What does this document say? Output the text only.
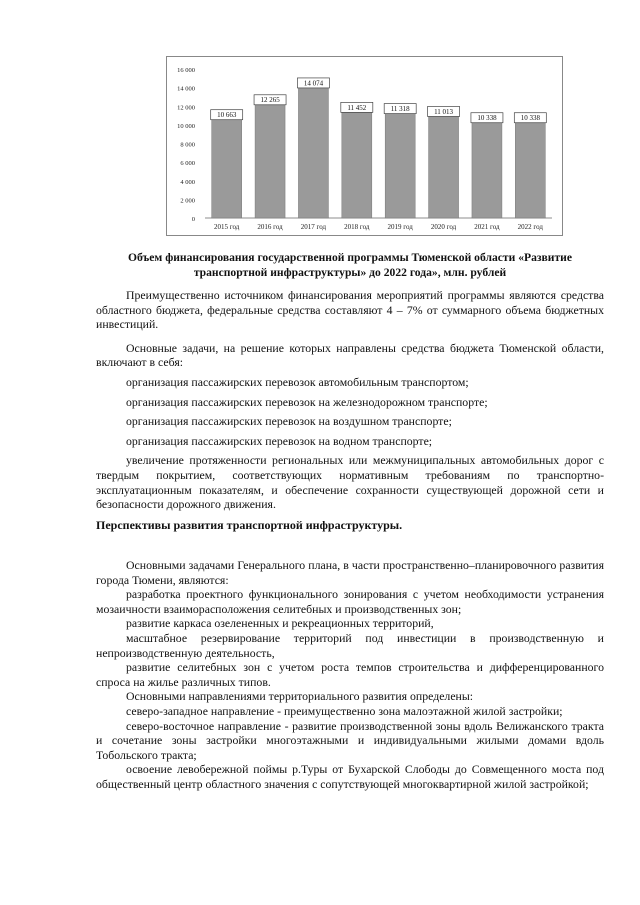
0
2 000
4 000
6 000
8 000
10 000
12 000
14 000
16 000
10 663
2015 год
12 265
2016 год
14 074
2017 год
11 452
2018 год
11 318
2019 год
11 013
2020 год
10 338
2021 год
10 338
2022 год
Объем финансирования государственной программы Тюменской области «Развитие транспортной инфраструктуры» до 2022 года», млн. рублей

Преимущественно источником финансирования мероприятий программы являются средства областного бюджета, федеральные средства составляют 4 – 7% от суммарного объема бюджетных инвестиций.

Основные задачи, на решение которых направлены средства бюджета Тюменской области, включают в себя:

организация пассажирских перевозок автомобильным транспортом;

организация пассажирских перевозок на железнодорожном транспорте;

организация пассажирских перевозок на воздушном транспорте;

организация пассажирских перевозок на водном транспорте;

увеличение протяженности региональных или межмуниципальных автомобильных дорог с твердым покрытием, соответствующих нормативным требованиям по транспортно-эксплуатационным показателям, и обеспечение сохранности существующей дорожной сети и безопасности дорожного движения.

Перспективы развития транспортной инфраструктуры.

Основными задачами Генерального плана, в части пространственно–планировочного развития города Тюмени, являются:

разработка проектного функционального зонирования с учетом необходимости устранения мозаичности взаиморасположения селитебных и производственных зон;

развитие каркаса озелененных и рекреационных территорий,

масштабное резервирование территорий под инвестиции в производственную и непроизводственную деятельность,

развитие селитебных зон с учетом роста темпов строительства и дифференцированного спроса на жилье различных типов.

Основными направлениями территориального развития определены:

северо-западное направление - преимущественно зона малоэтажной жилой застройки;

северо-восточное направление - развитие производственной зоны вдоль Велижанского тракта и сочетание зоны застройки многоэтажными и индивидуальными жилыми домами вдоль Тобольского тракта;

освоение левобережной поймы р.Туры от Бухарской Слободы до Совмещенного моста под общественный центр областного значения с сопутствующей многоквартирной жилой застройкой;
